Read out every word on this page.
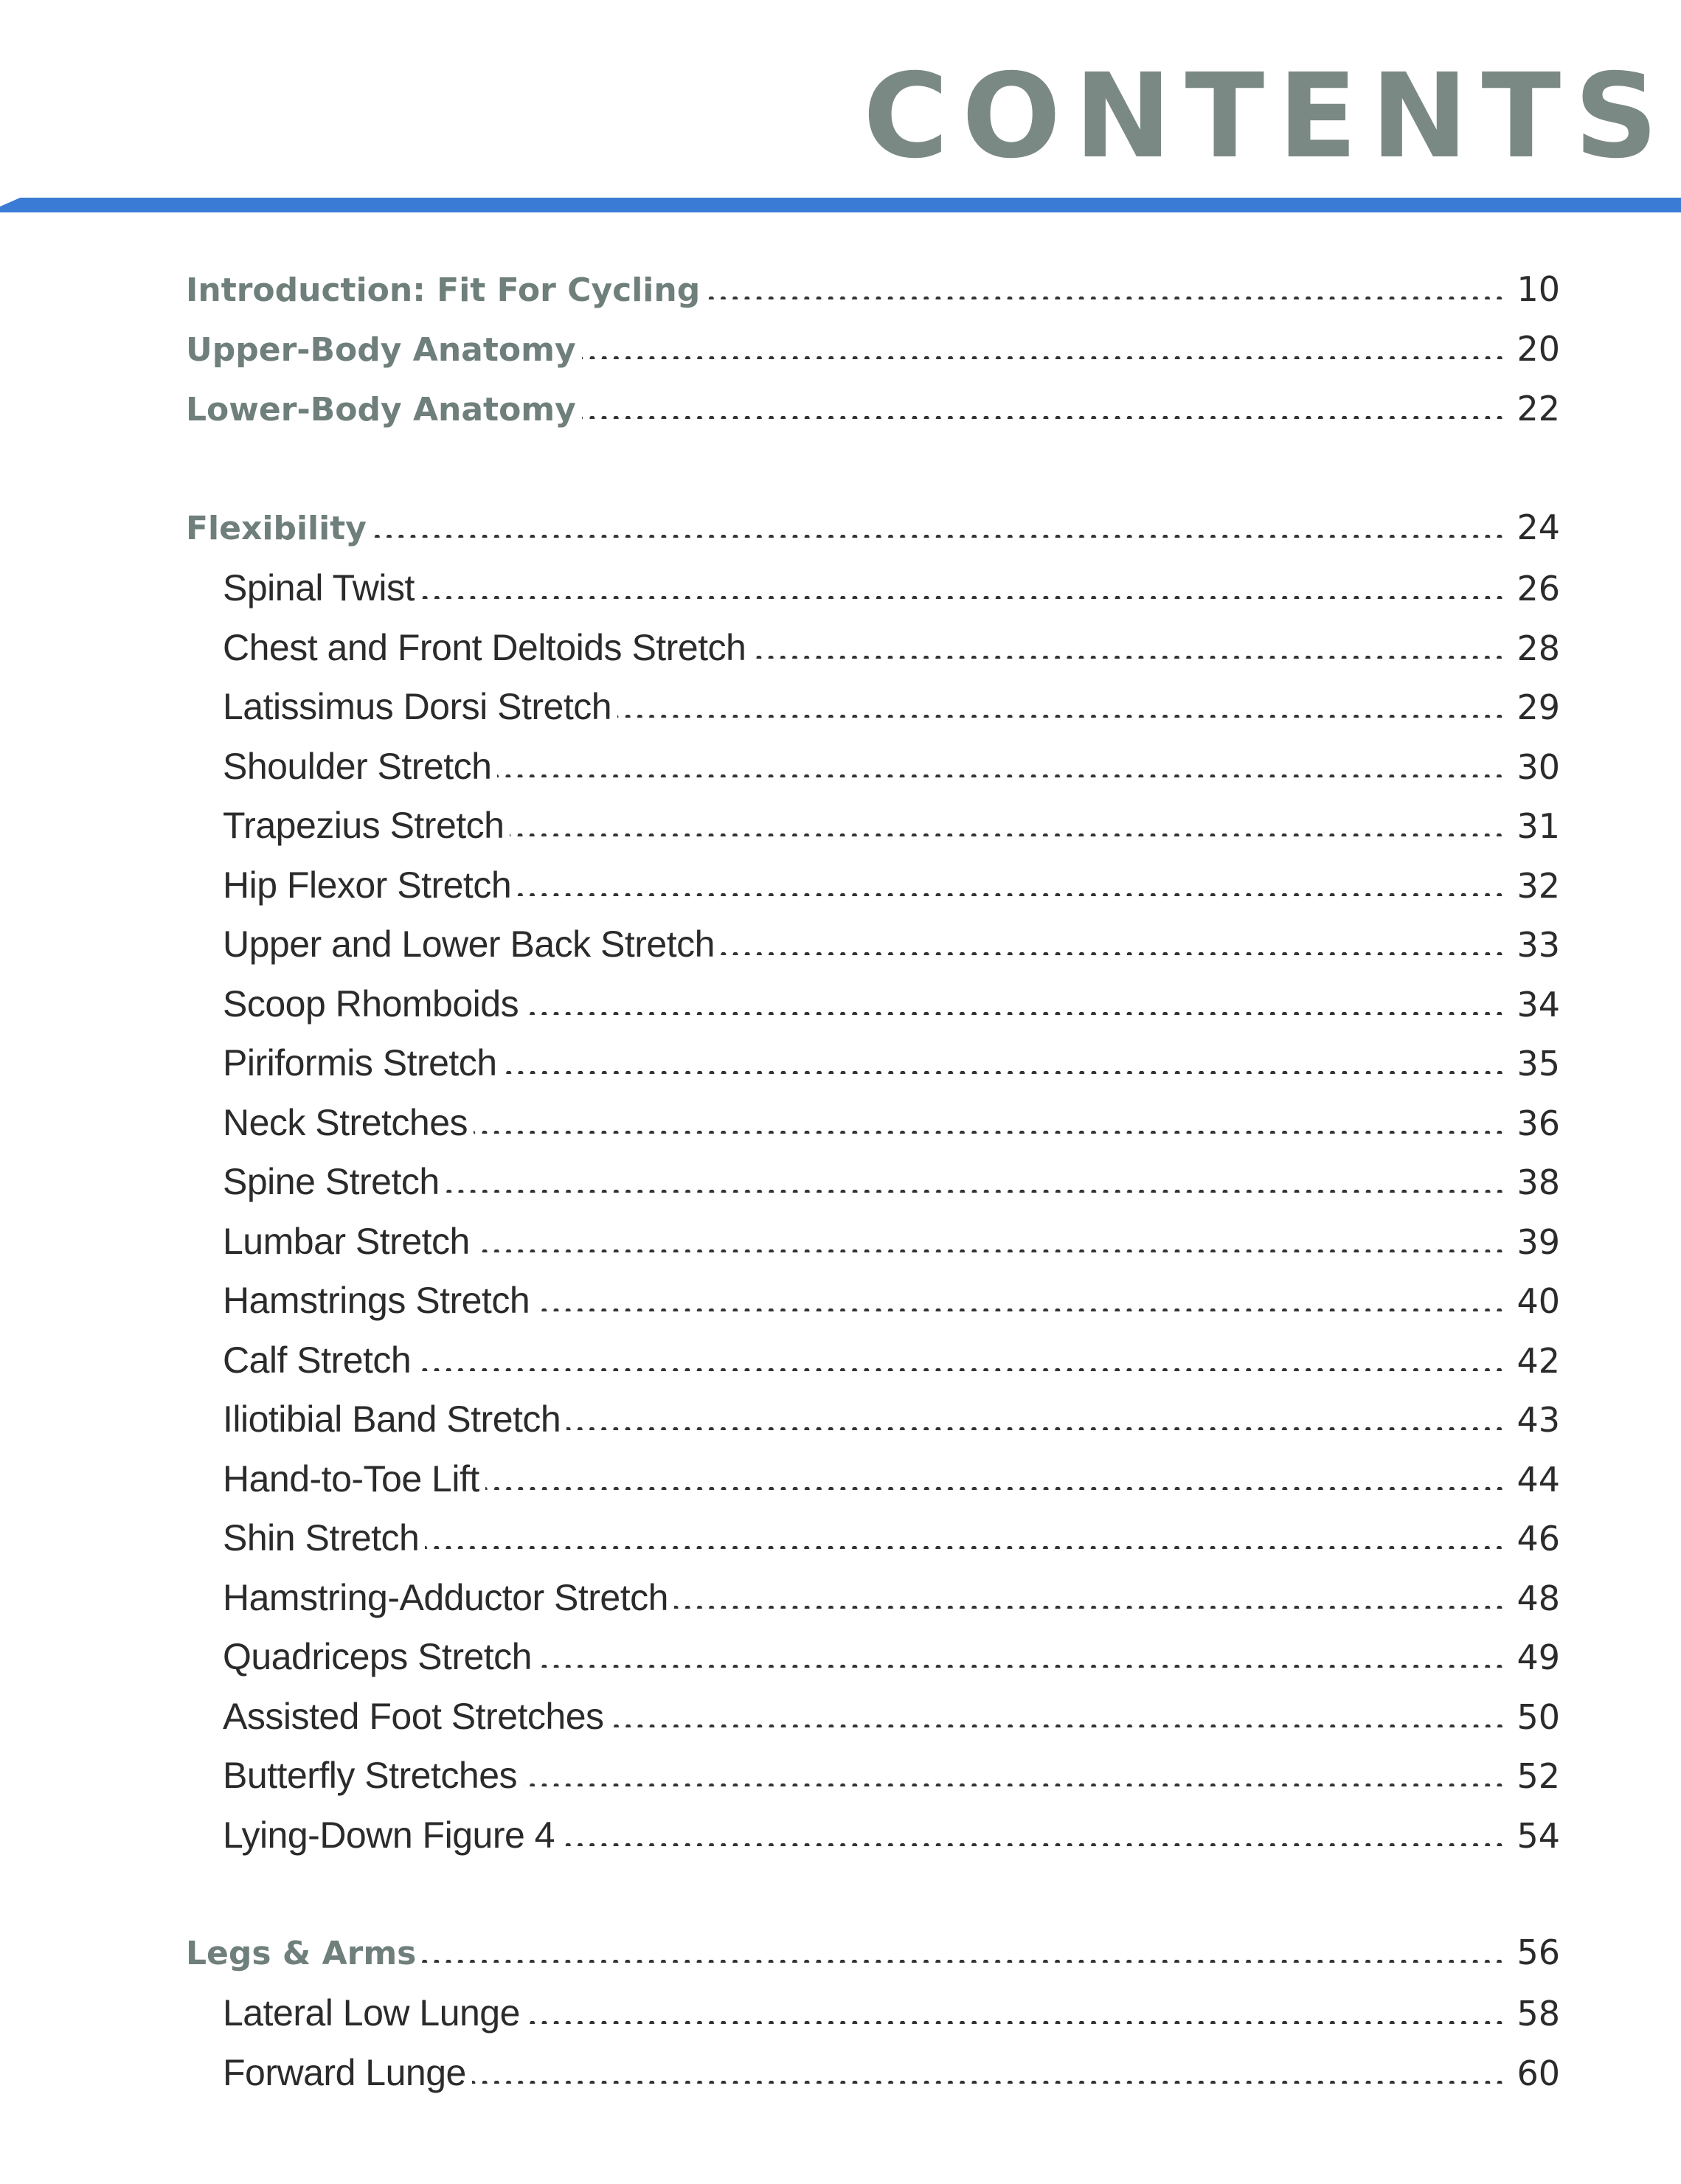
CONTENTS
Introduction: Fit For Cycling	10
Upper-Body Anatomy	20
Lower-Body Anatomy	22
Flexibility	24
Spinal Twist	26
Chest and Front Deltoids Stretch	28
Latissimus Dorsi Stretch	29
Shoulder Stretch	30
Trapezius Stretch	31
Hip Flexor Stretch	32
Upper and Lower Back Stretch	33
Scoop Rhomboids	34
Piriformis Stretch	35
Neck Stretches	36
Spine Stretch	38
Lumbar Stretch	39
Hamstrings Stretch	40
Calf Stretch	42
Iliotibial Band Stretch	43
Hand-to-Toe Lift	44
Shin Stretch	46
Hamstring-Adductor Stretch	48
Quadriceps Stretch	49
Assisted Foot Stretches	50
Butterfly Stretches	52
Lying-Down Figure 4	54
Legs & Arms	56
Lateral Low Lunge	58
Forward Lunge	60
